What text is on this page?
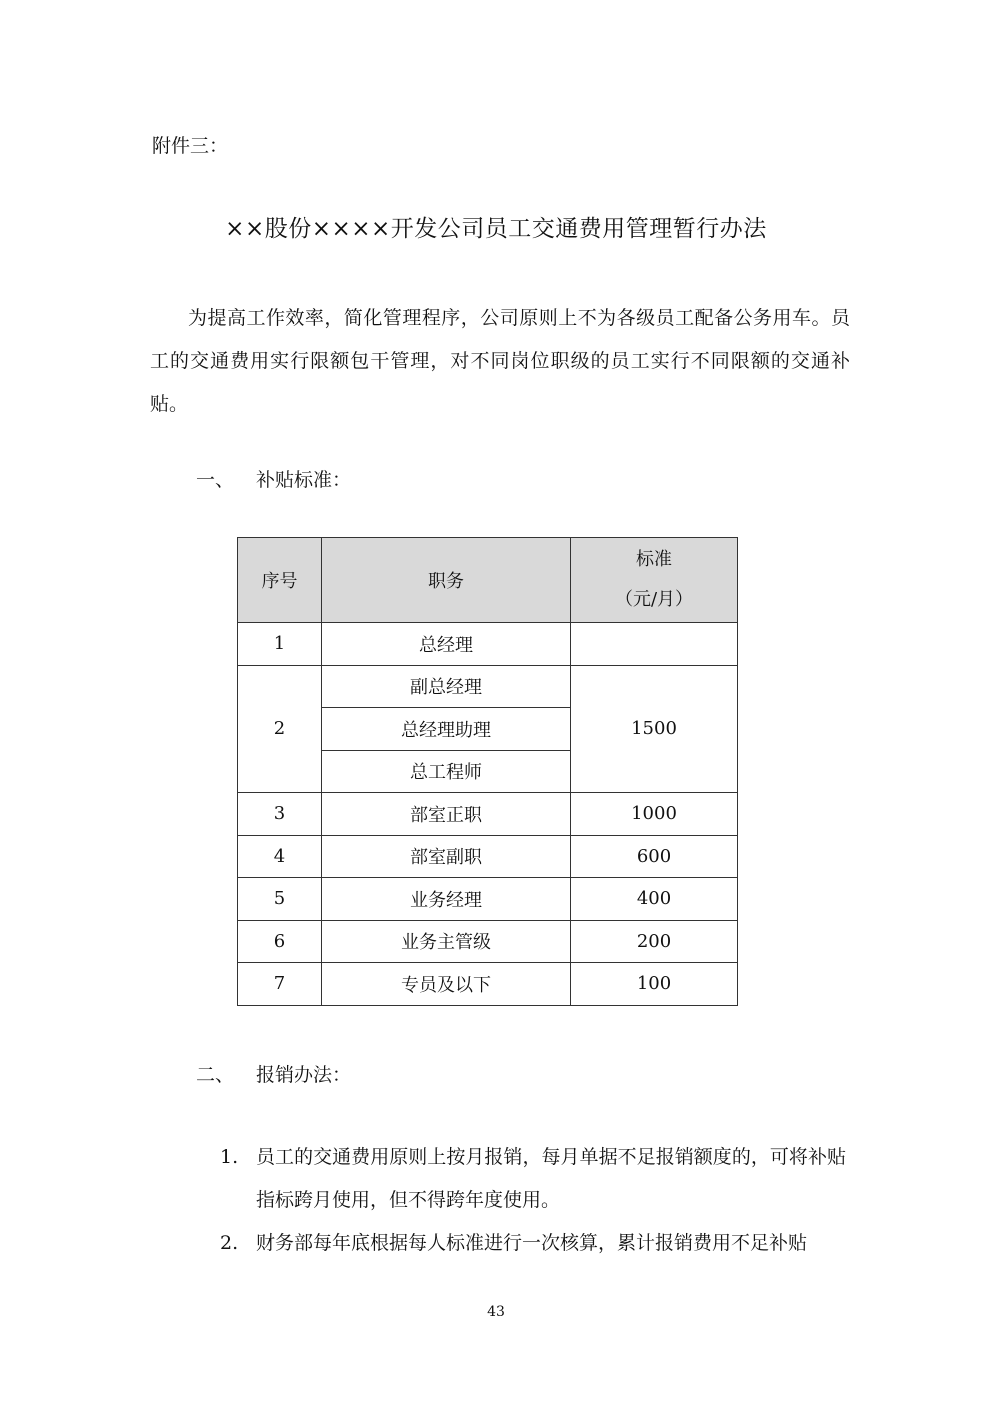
附件三：
××股份××××开发公司员工交通费用管理暂行办法

为提高工作效率，简化管理程序，公司原则上不为各级员工配备公务用车。员工的交通费用实行限额包干管理，对不同岗位职级的员工实行不同限额的交通补贴。

一、 补贴标准：
序号	职务	标准
（元/月）

1	总经理	
2	副总经理	1500
	总经理助理	
	总工程师	
3	部室正职	1000
4	部室副职	600
5	业务经理	400
6	业务主管级	200
7	专员及以下	100
二、 报销办法：
1. 员工的交通费用原则上按月报销，每月单据不足报销额度的，可将补贴指标跨月使用，但不得跨年度使用。
2. 财务部每年底根据每人标准进行一次核算，累计报销费用不足补贴
43
